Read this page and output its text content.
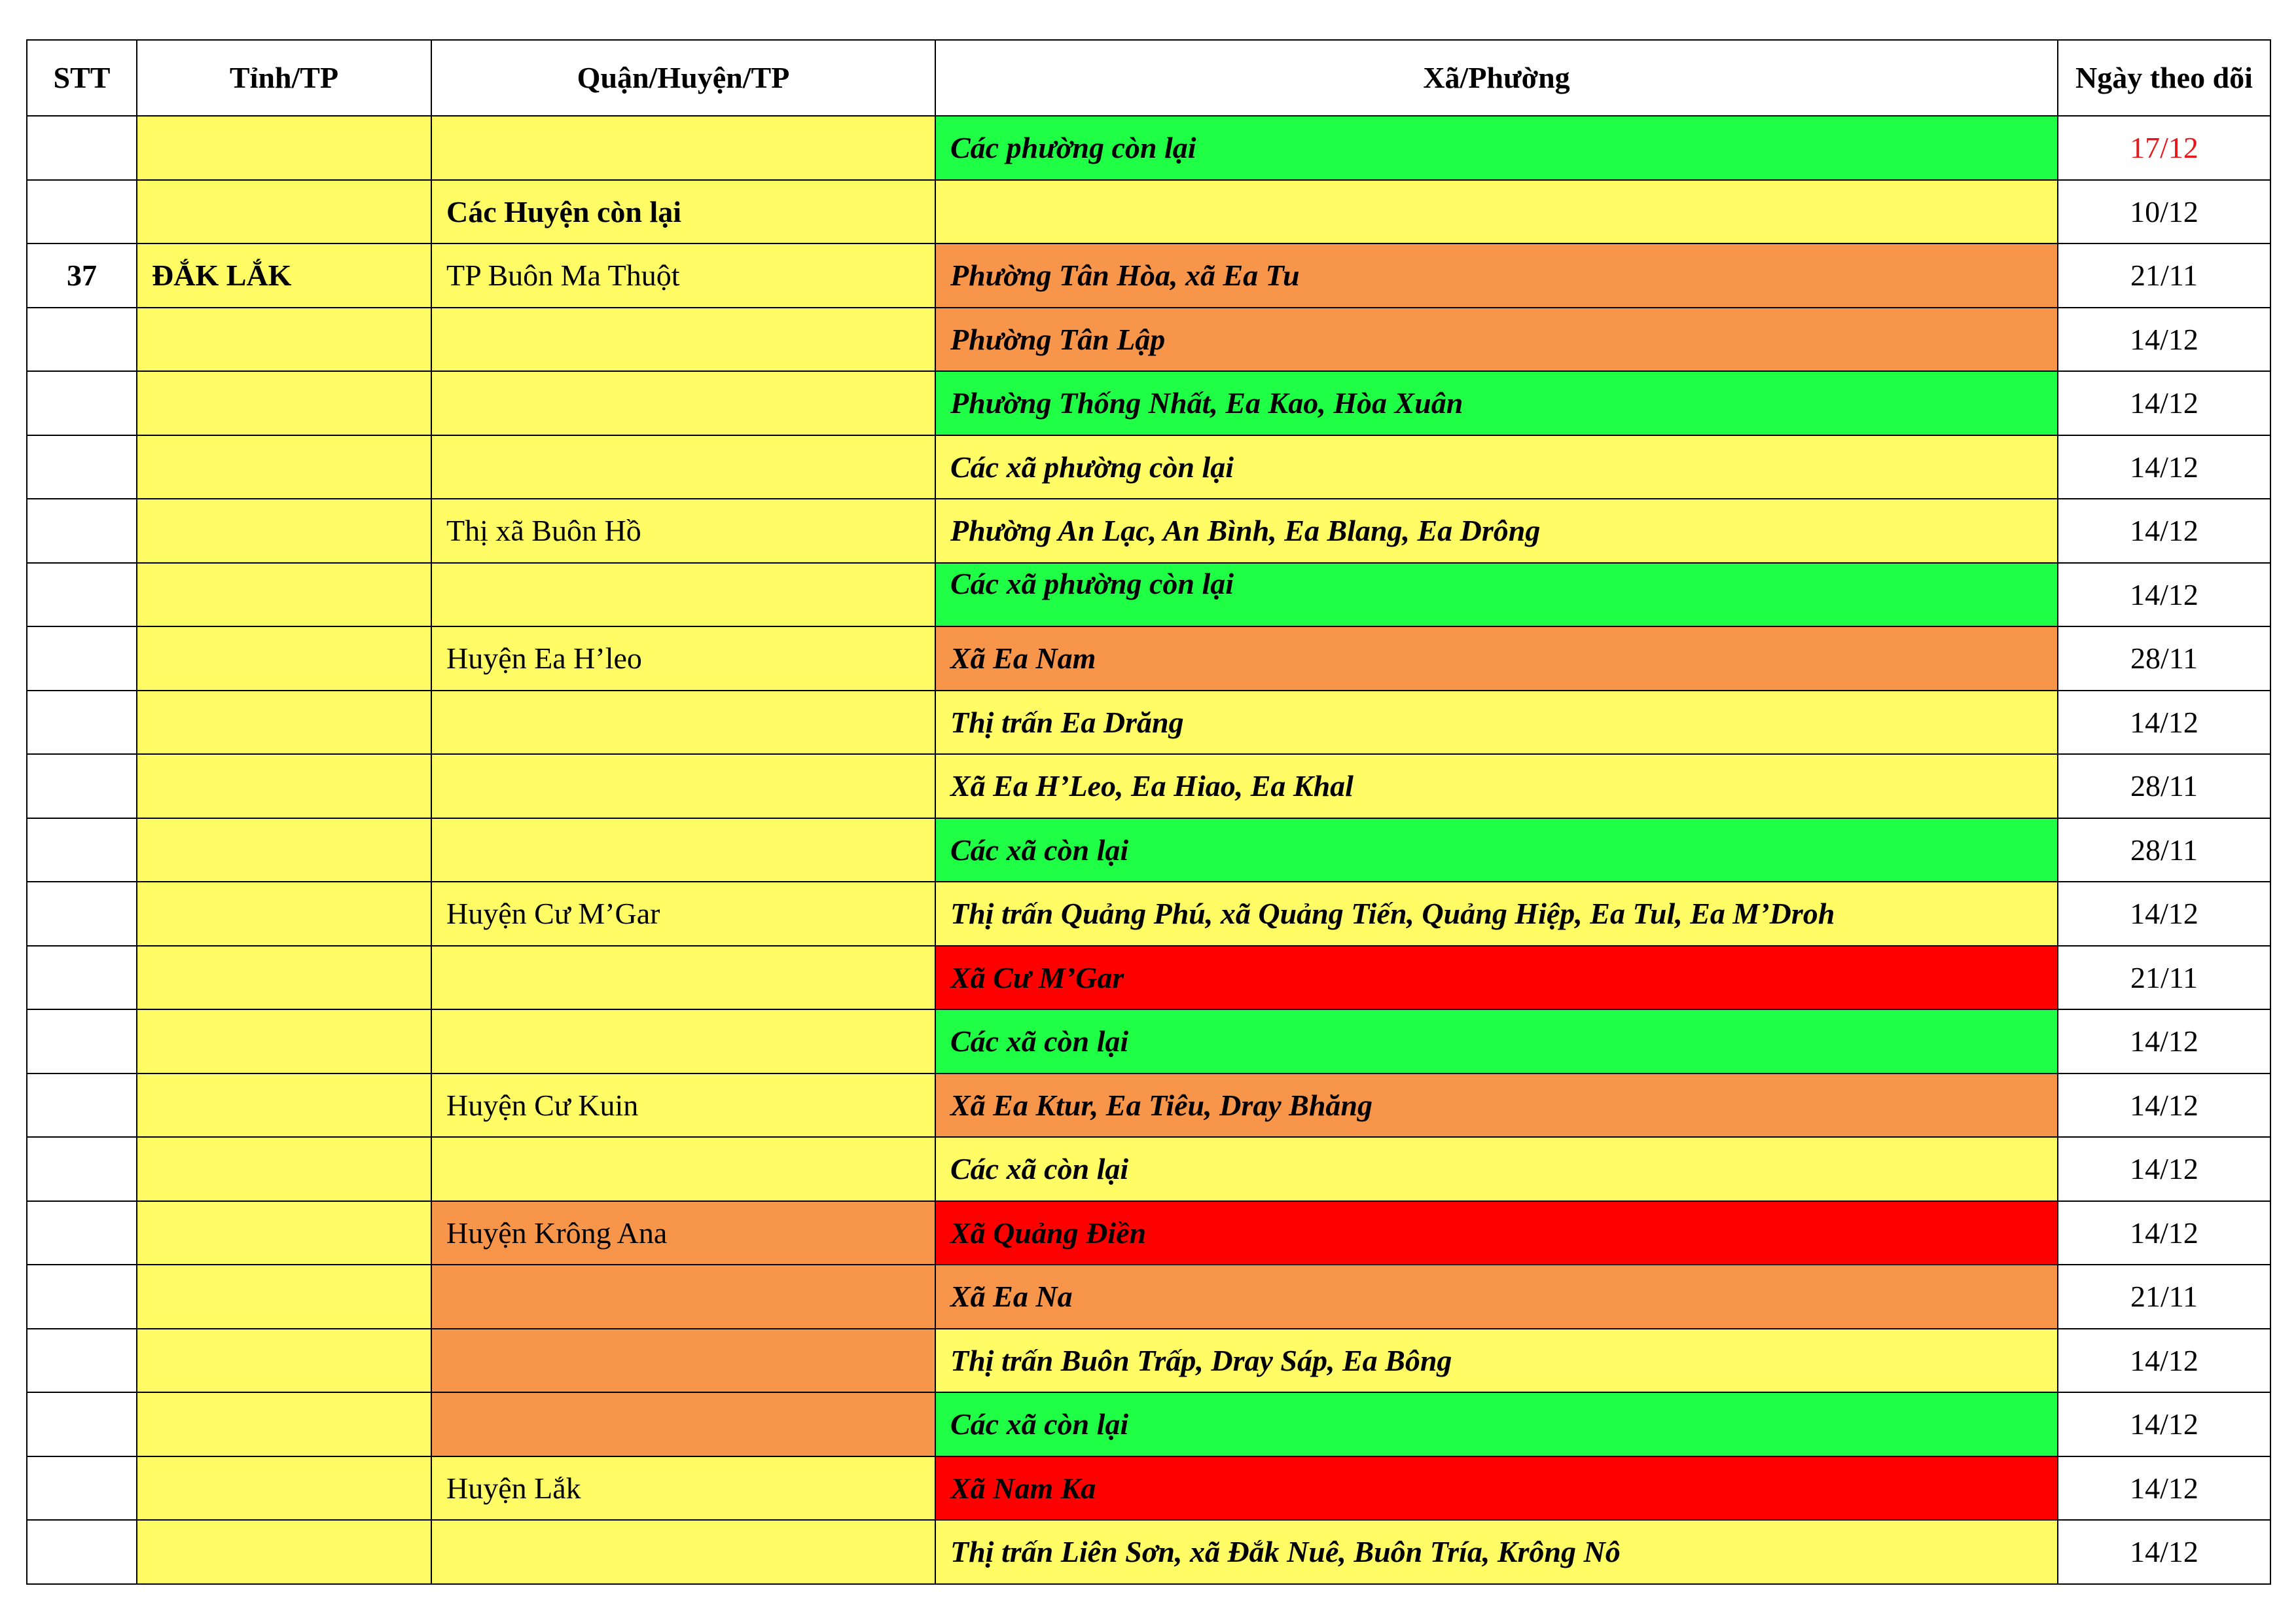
STT	Tỉnh/TP	Quận/Huyện/TP	Xã/Phường	Ngày theo dõi
			Các phường còn lại	17/12
		Các Huyện còn lại		10/12
37	ĐẮK LẮK	TP Buôn Ma Thuột	Phường Tân Hòa, xã Ea Tu	21/11
			Phường Tân Lập	14/12
			Phường Thống Nhất, Ea Kao, Hòa Xuân	14/12
			Các xã phường còn lại	14/12
		Thị xã Buôn Hồ	Phường An Lạc, An Bình, Ea Blang, Ea Drông	14/12
			Các xã phường còn lại	14/12
		Huyện Ea H’leo	Xã Ea Nam	28/11
			Thị trấn Ea Drăng	14/12
			Xã Ea H’Leo, Ea Hiao, Ea Khal	28/11
			Các xã còn lại	28/11
		Huyện Cư M’Gar	Thị trấn Quảng Phú, xã Quảng Tiến, Quảng Hiệp, Ea Tul, Ea M’Droh	14/12
			Xã Cư M’Gar	21/11
			Các xã còn lại	14/12
		Huyện Cư Kuin	Xã Ea Ktur, Ea Tiêu, Dray Bhăng	14/12
			Các xã còn lại	14/12
		Huyện Krông Ana	Xã Quảng Điền	14/12
			Xã Ea Na	21/11
			Thị trấn Buôn Trấp, Dray Sáp, Ea Bông	14/12
			Các xã còn lại	14/12
		Huyện Lắk	Xã Nam Ka	14/12
			Thị trấn Liên Sơn, xã Đắk Nuê, Buôn Tría, Krông Nô	14/12
